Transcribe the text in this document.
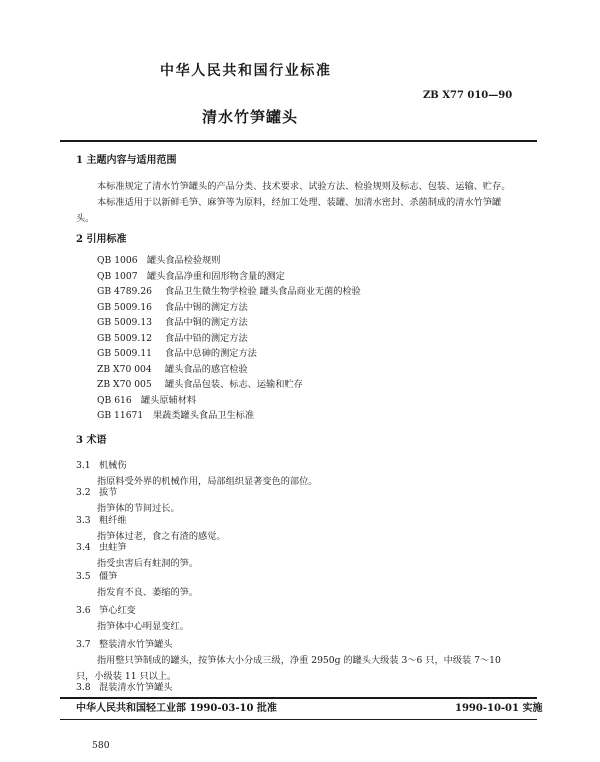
中华人民共和国行业标准
ZB X77 010—90
清水竹笋罐头
1 主题内容与适用范围
本标准规定了清水竹笋罐头的产品分类、技术要求、试验方法、检验规则及标志、包装、运输、贮存。
本标准适用于以新鲜毛笋、麻笋等为原料，经加工处理、装罐、加清水密封、杀菌制成的清水竹笋罐
头。
2 引用标准
QB 1006 罐头食品检验规则
QB 1007 罐头食品净重和固形物含量的测定
GB 4789.26 食品卫生微生物学检验 罐头食品商业无菌的检验
GB 5009.16 食品中锡的测定方法
GB 5009.13 食品中铜的测定方法
GB 5009.12 食品中铅的测定方法
GB 5009.11 食品中总砷的测定方法
ZB X70 004 罐头食品的感官检验
ZB X70 005 罐头食品包装、标志、运输和贮存
QB 616 罐头原辅材料
GB 11671 果蔬类罐头食品卫生标准
3 术语
3.1 机械伤
指原料受外界的机械作用，局部组织显著变色的部位。
3.2 拔节
指笋体的节间过长。
3.3 粗纤维
指笋体过老，食之有渣的感觉。
3.4 虫蛀笋
指受虫害后有蛀洞的笋。
3.5 僵笋
指发育不良、萎缩的笋。
3.6 笋心红变
指笋体中心明显变红。
3.7 整装清水竹笋罐头
指用整只笋制成的罐头，按笋体大小分成三级，净重 2950g 的罐头大级装 3～6 只，中级装 7～10
只，小级装 11 只以上。
3.8 混装清水竹笋罐头
中华人民共和国轻工业部 1990-03-10 批准	1990-10-01 实施
580
